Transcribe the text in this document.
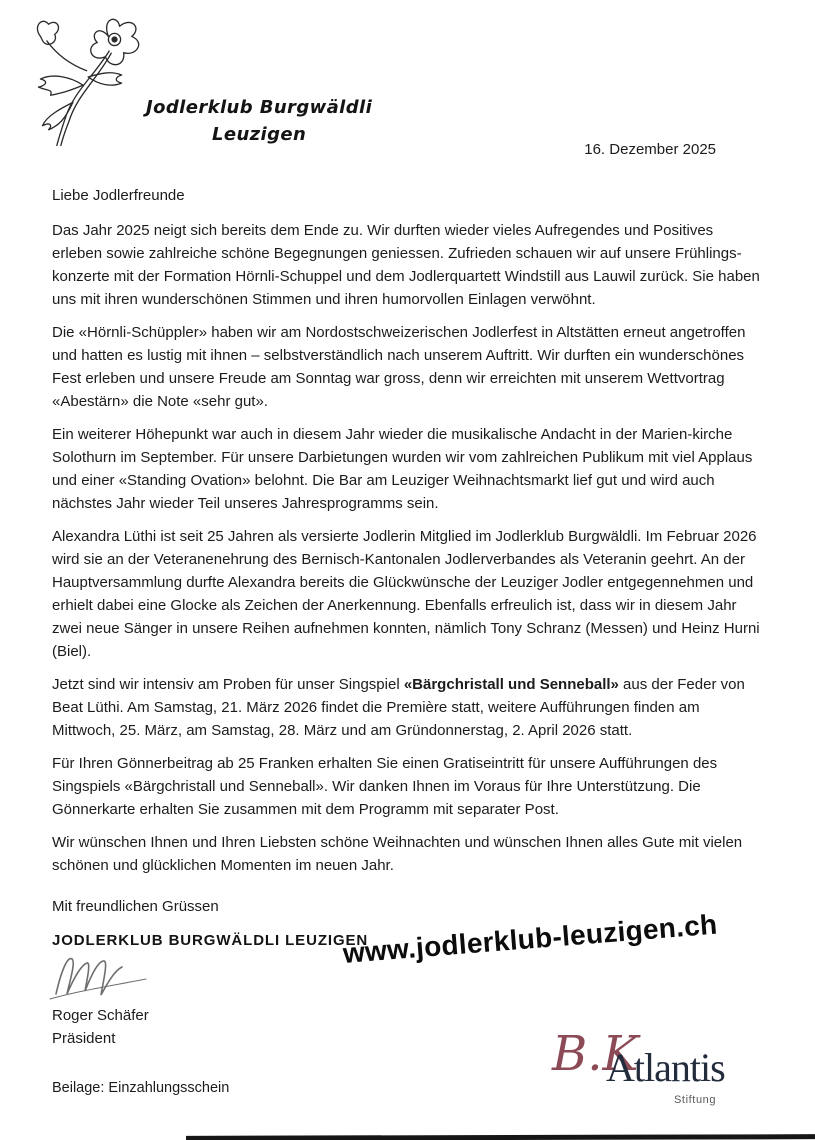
Jodlerklub Burgwäldli
Leuzigen
16. Dezember 2025

Liebe Jodlerfreunde

Das Jahr 2025 neigt sich bereits dem Ende zu. Wir durften wieder vieles Aufregendes und Positives erleben sowie zahlreiche schöne Begegnungen geniessen. Zufrieden schauen wir auf unsere Frühlings-konzerte mit der Formation Hörnli-Schuppel und dem Jodlerquartett Windstill aus Lauwil zurück. Sie haben uns mit ihren wunderschönen Stimmen und ihren humorvollen Einlagen verwöhnt.

Die «Hörnli-Schüppler» haben wir am Nordostschweizerischen Jodlerfest in Altstätten erneut angetroffen und hatten es lustig mit ihnen – selbstverständlich nach unserem Auftritt. Wir durften ein wunderschönes Fest erleben und unsere Freude am Sonntag war gross, denn wir erreichten mit unserem Wettvortrag «Abestärn» die Note «sehr gut».

Ein weiterer Höhepunkt war auch in diesem Jahr wieder die musikalische Andacht in der Marien-kirche Solothurn im September. Für unsere Darbietungen wurden wir vom zahlreichen Publikum mit viel Applaus und einer «Standing Ovation» belohnt. Die Bar am Leuziger Weihnachtsmarkt lief gut und wird auch nächstes Jahr wieder Teil unseres Jahresprogramms sein.

Alexandra Lüthi ist seit 25 Jahren als versierte Jodlerin Mitglied im Jodlerklub Burgwäldli. Im Februar 2026 wird sie an der Veteranenehrung des Bernisch-Kantonalen Jodlerverbandes als Veteranin geehrt. An der Hauptversammlung durfte Alexandra bereits die Glückwünsche der Leuziger Jodler entgegennehmen und erhielt dabei eine Glocke als Zeichen der Anerkennung. Ebenfalls erfreulich ist, dass wir in diesem Jahr zwei neue Sänger in unsere Reihen aufnehmen konnten, nämlich Tony Schranz (Messen) und Heinz Hurni (Biel).

Jetzt sind wir intensiv am Proben für unser Singspiel «Bärgchristall und Senneball» aus der Feder von Beat Lüthi. Am Samstag, 21. März 2026 findet die Première statt, weitere Aufführungen finden am Mittwoch, 25. März, am Samstag, 28. März und am Gründonnerstag, 2. April 2026 statt.

Für Ihren Gönnerbeitrag ab 25 Franken erhalten Sie einen Gratiseintritt für unsere Aufführungen des Singspiels «Bärgchristall und Senneball». Wir danken Ihnen im Voraus für Ihre Unterstützung. Die Gönnerkarte erhalten Sie zusammen mit dem Programm mit separater Post.

Wir wünschen Ihnen und Ihren Liebsten schöne Weihnachten und wünschen Ihnen alles Gute mit vielen schönen und glücklichen Momenten im neuen Jahr.

Mit freundlichen Grüssen

JODLERKLUB BURGWÄLDLI LEUZIGEN

Roger Schäfer

Präsident

Beilage: Einzahlungsschein

www.jodlerklub-leuzigen.ch
B.K
Atlantis
Stiftung
